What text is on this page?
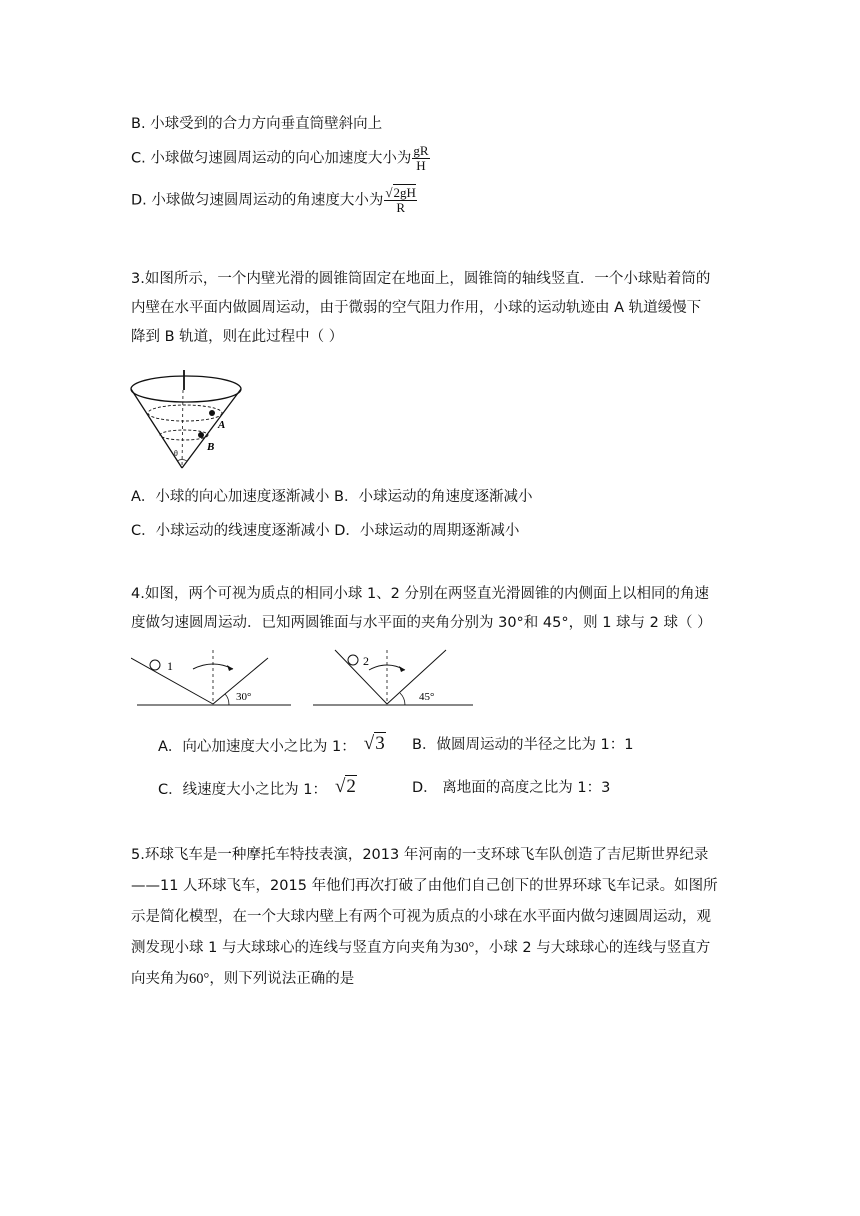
B. 小球受到的合力方向垂直筒壁斜向上
C. 小球做匀速圆周运动的向心加速度大小为 $\frac{gR}{H}$
D. 小球做匀速圆周运动的角速度大小为 $\frac{√2gH}{R}$
3.如图所示，一个内壁光滑的圆锥筒固定在地面上，圆锥筒的轴线竖直．一个小球贴着筒的
内壁在水平面内做圆周运动，由于微弱的空气阻力作用，小球的运动轨迹由 A 轨道缓慢下
降到 B 轨道，则在此过程中（ ）
A
B
θ
A．小球的向心加速度逐渐减小 B．小球运动的角速度逐渐减小
C．小球运动的线速度逐渐减小 D．小球运动的周期逐渐减小
4.如图，两个可视为质点的相同小球 1、2 分别在两竖直光滑圆锥的内侧面上以相同的角速
度做匀速圆周运动．已知两圆锥面与水平面的夹角分别为 30°和 45°，则 1 球与 2 球（ ）
1
30°
2
45°
A．向心加速度大小之比为 1： √3 B．做圆周运动的半径之比为 1：1
C．线速度大小之比为 1： √2	D． 离地面的高度之比为 1：3
5.环球飞车是一种摩托车特技表演，2013 年河南的一支环球飞车队创造了吉尼斯世界纪录
——11 人环球飞车，2015 年他们再次打破了由他们自己创下的世界环球飞车记录。如图所
示是简化模型，在一个大球内壁上有两个可视为质点的小球在水平面内做匀速圆周运动，观
测发现小球 1 与大球球心的连线与竖直方向夹角为30°，小球 2 与大球球心的连线与竖直方
向夹角为60°，则下列说法正确的是
